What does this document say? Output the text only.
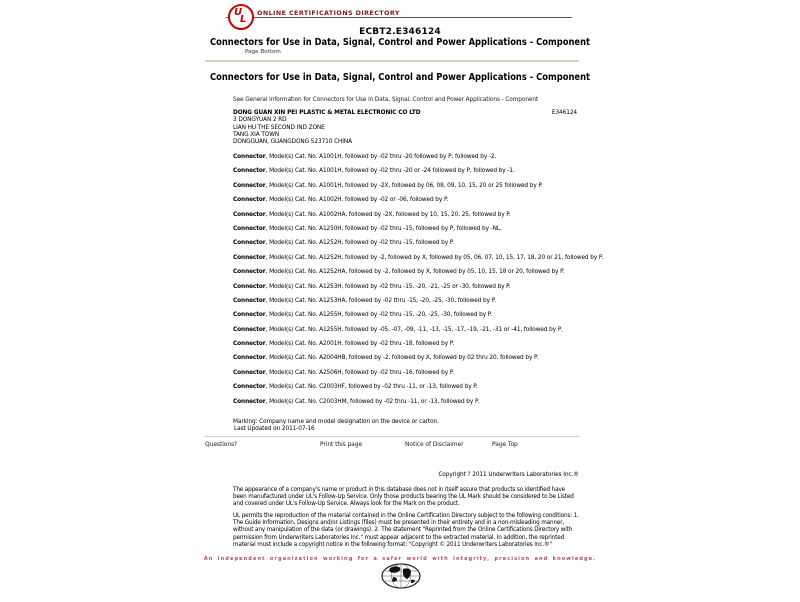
U
L
ONLINE CERTIFICATIONS DIRECTORY
ECBT2.E346124
Connectors for Use in Data, Signal, Control and Power Applications - Component
Page Bottom
Connectors for Use in Data, Signal, Control and Power Applications - Component
See General Information for Connectors for Use in Data, Signal, Control and Power Applications - Component
DONG GUAN XIN PEI PLASTIC & METAL ELECTRONIC CO LTD	E346124
3 DONGYUAN 2 RD
LIAN HU THE SECOND IND ZONE
TANG XIA TOWN
DONGGUAN, GUANGDONG 523710 CHINA
Connector, Model(s) Cat. No. A1001H, followed by -02 thru -20 followed by P, followed by -2.
Connector, Model(s) Cat. No. A1001H, followed by -02 thru -20 or -24 followed by P, followed by -1.
Connector, Model(s) Cat. No. A1001H, followed by -2X, followed by 06, 08, 09, 10, 15, 20 or 25 followed by P.
Connector, Model(s) Cat. No. A1002H, followed by -02 or -06, followed by P.
Connector, Model(s) Cat. No. A1002HA, followed by -2X, followed by 10, 15, 20, 25, followed by P.
Connector, Model(s) Cat. No. A1250H, followed by -02 thru -15, followed by P, followed by -NL.
Connector, Model(s) Cat. No. A1252H, followed by -02 thru -15, followed by P.
Connector, Model(s) Cat. No. A1252H, followed by -2, followed by X, followed by 05, 06, 07, 10, 15, 17, 18, 20 or 21, followed by P.
Connector, Model(s) Cat. No. A1252HA, followed by -2, followed by X, followed by 05, 10, 15, 18 or 20, followed by P.
Connector, Model(s) Cat. No. A1253H, followed by -02 thru -15, -20, -21, -25 or -30, followed by P.
Connector, Model(s) Cat. No. A1253HA, followed by -02 thru -15, -20, -25, -30, followed by P.
Connector, Model(s) Cat. No. A1255H, followed by -02 thru -15, -20, -25, -30, followed by P.
Connector, Model(s) Cat. No. A1255H, followed by -05, -07, -09, -11, -13, -15, -17, -19, -21, -31 or -41, followed by P.
Connector, Model(s) Cat. No. A2001H, followed by -02 thru -18, followed by P.
Connector, Model(s) Cat. No. A2004HB, followed by -2, followed by X, followed by 02 thru 20, followed by P.
Connector, Model(s) Cat. No. A2506H, followed by -02 thru -16, followed by P.
Connector, Model(s) Cat. No. C2003HF, followed by -02 thru -11, or -13, followed by P.
Connector, Model(s) Cat. No. C2003HM, followed by -02 thru -11, or -13, followed by P.
Marking: Company name and model designation on the device or carton.
Last Updated on 2011-07-16
Questions?	Print this page	Notice of Disclaimer	Page Top
Copyright ? 2011 Underwriters Laboratories Inc.®
The appearance of a company's name or product in this database does not in itself assure that products so identified have been manufactured under UL's Follow-Up Service. Only those products bearing the UL Mark should be considered to be Listed and covered under UL's Follow-Up Service. Always look for the Mark on the product.
UL permits the reproduction of the material contained in the Online Certification Directory subject to the following conditions: 1. The Guide Information, Designs and/or Listings (files) must be presented in their entirety and in a non-misleading manner, without any manipulation of the data (or drawings). 2. The statement "Reprinted from the Online Certifications Directory with permission from Underwriters Laboratories Inc." must appear adjacent to the extracted material. In addition, the reprinted material must include a copyright notice in the following format: "Copyright © 2011 Underwriters Laboratories Inc.®"
An independent organization working for a safer world with integrity, precision and knowledge.
